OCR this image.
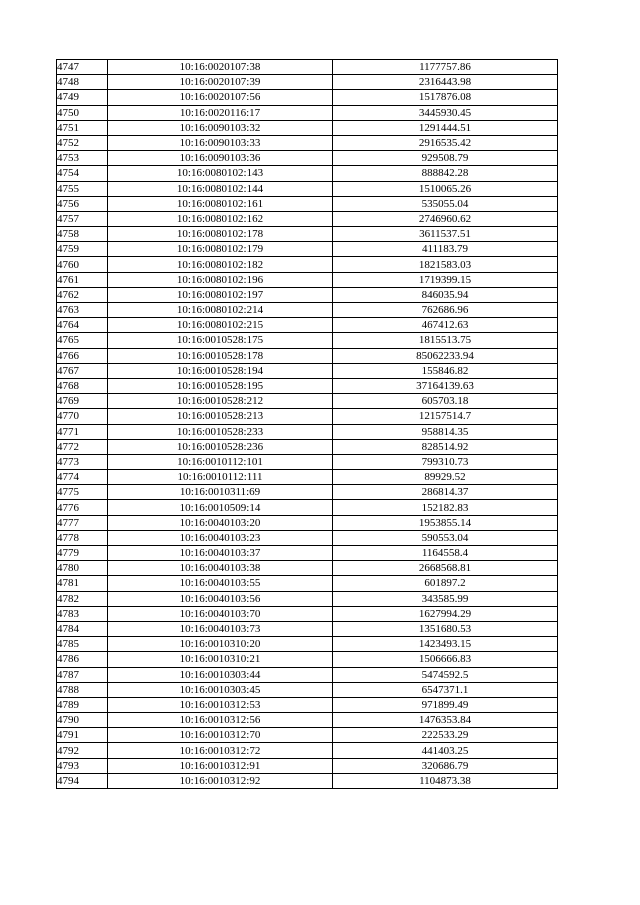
4747	10:16:0020107:38	1177757.86
4748	10:16:0020107:39	2316443.98
4749	10:16:0020107:56	1517876.08
4750	10:16:0020116:17	3445930.45
4751	10:16:0090103:32	1291444.51
4752	10:16:0090103:33	2916535.42
4753	10:16:0090103:36	929508.79
4754	10:16:0080102:143	888842.28
4755	10:16:0080102:144	1510065.26
4756	10:16:0080102:161	535055.04
4757	10:16:0080102:162	2746960.62
4758	10:16:0080102:178	3611537.51
4759	10:16:0080102:179	411183.79
4760	10:16:0080102:182	1821583.03
4761	10:16:0080102:196	1719399.15
4762	10:16:0080102:197	846035.94
4763	10:16:0080102:214	762686.96
4764	10:16:0080102:215	467412.63
4765	10:16:0010528:175	1815513.75
4766	10:16:0010528:178	85062233.94
4767	10:16:0010528:194	155846.82
4768	10:16:0010528:195	37164139.63
4769	10:16:0010528:212	605703.18
4770	10:16:0010528:213	12157514.7
4771	10:16:0010528:233	958814.35
4772	10:16:0010528:236	828514.92
4773	10:16:0010112:101	799310.73
4774	10:16:0010112:111	89929.52
4775	10:16:0010311:69	286814.37
4776	10:16:0010509:14	152182.83
4777	10:16:0040103:20	1953855.14
4778	10:16:0040103:23	590553.04
4779	10:16:0040103:37	1164558.4
4780	10:16:0040103:38	2668568.81
4781	10:16:0040103:55	601897.2
4782	10:16:0040103:56	343585.99
4783	10:16:0040103:70	1627994.29
4784	10:16:0040103:73	1351680.53
4785	10:16:0010310:20	1423493.15
4786	10:16:0010310:21	1506666.83
4787	10:16:0010303:44	5474592.5
4788	10:16:0010303:45	6547371.1
4789	10:16:0010312:53	971899.49
4790	10:16:0010312:56	1476353.84
4791	10:16:0010312:70	222533.29
4792	10:16:0010312:72	441403.25
4793	10:16:0010312:91	320686.79
4794	10:16:0010312:92	1104873.38
